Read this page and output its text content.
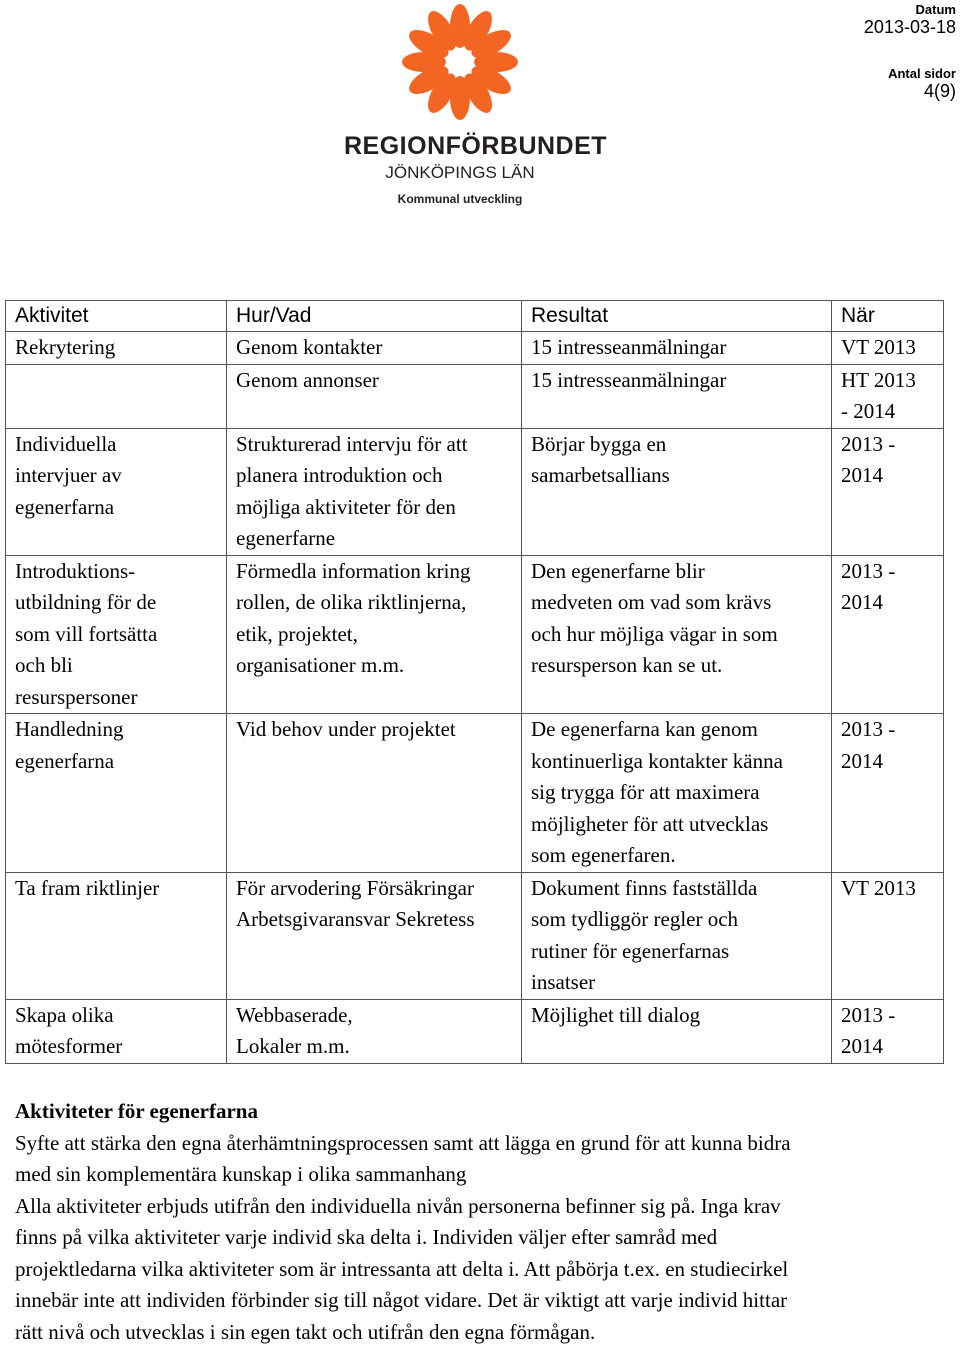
REGIONFÖRBUNDET
JÖNKÖPINGS LÄN
Kommunal utveckling
Datum
2013-03-18
Antal sidor
4(9)
Aktivitet	Hur/Vad	Resultat	När

Rekrytering	Genom kontakter	15 intresseanmälningar	VT 2013

	Genom annonser	15 intresseanmälningar	HT 2013
- 2014

Individuella
intervjuer av
egenerfarna	Strukturerad intervju för att
planera introduktion och
möjliga aktiviteter för den
egenerfarne	Börjar bygga en
samarbetsallians	2013 -
2014

Introduktions-
utbildning för de
som vill fortsätta
och bli
resurspersoner	Förmedla information kring
rollen, de olika riktlinjerna,
etik, projektet,
organisationer m.m.	Den egenerfarne blir
medveten om vad som krävs
och hur möjliga vägar in som
resursperson kan se ut.	2013 -
2014

Handledning
egenerfarna	Vid behov under projektet	De egenerfarna kan genom
kontinuerliga kontakter känna
sig trygga för att maximera
möjligheter för att utvecklas
som egenerfaren.	2013 -
2014

Ta fram riktlinjer	För arvodering Försäkringar
Arbetsgivaransvar Sekretess	Dokument finns fastställda
som tydliggör regler och
rutiner för egenerfarnas
insatser	VT 2013

Skapa olika
mötesformer	Webbaserade,
Lokaler m.m.	Möjlighet till dialog	2013 -
2014
Aktiviteter för egenerfarna

Syfte att stärka den egna återhämtningsprocessen samt att lägga en grund för att kunna bidra
med sin komplementära kunskap i olika sammanhang

Alla aktiviteter erbjuds utifrån den individuella nivån personerna befinner sig på. Inga krav
finns på vilka aktiviteter varje individ ska delta i. Individen väljer efter samråd med
projektledarna vilka aktiviteter som är intressanta att delta i. Att påbörja t.ex. en studiecirkel
innebär inte att individen förbinder sig till något vidare. Det är viktigt att varje individ hittar
rätt nivå och utvecklas i sin egen takt och utifrån den egna förmågan.
